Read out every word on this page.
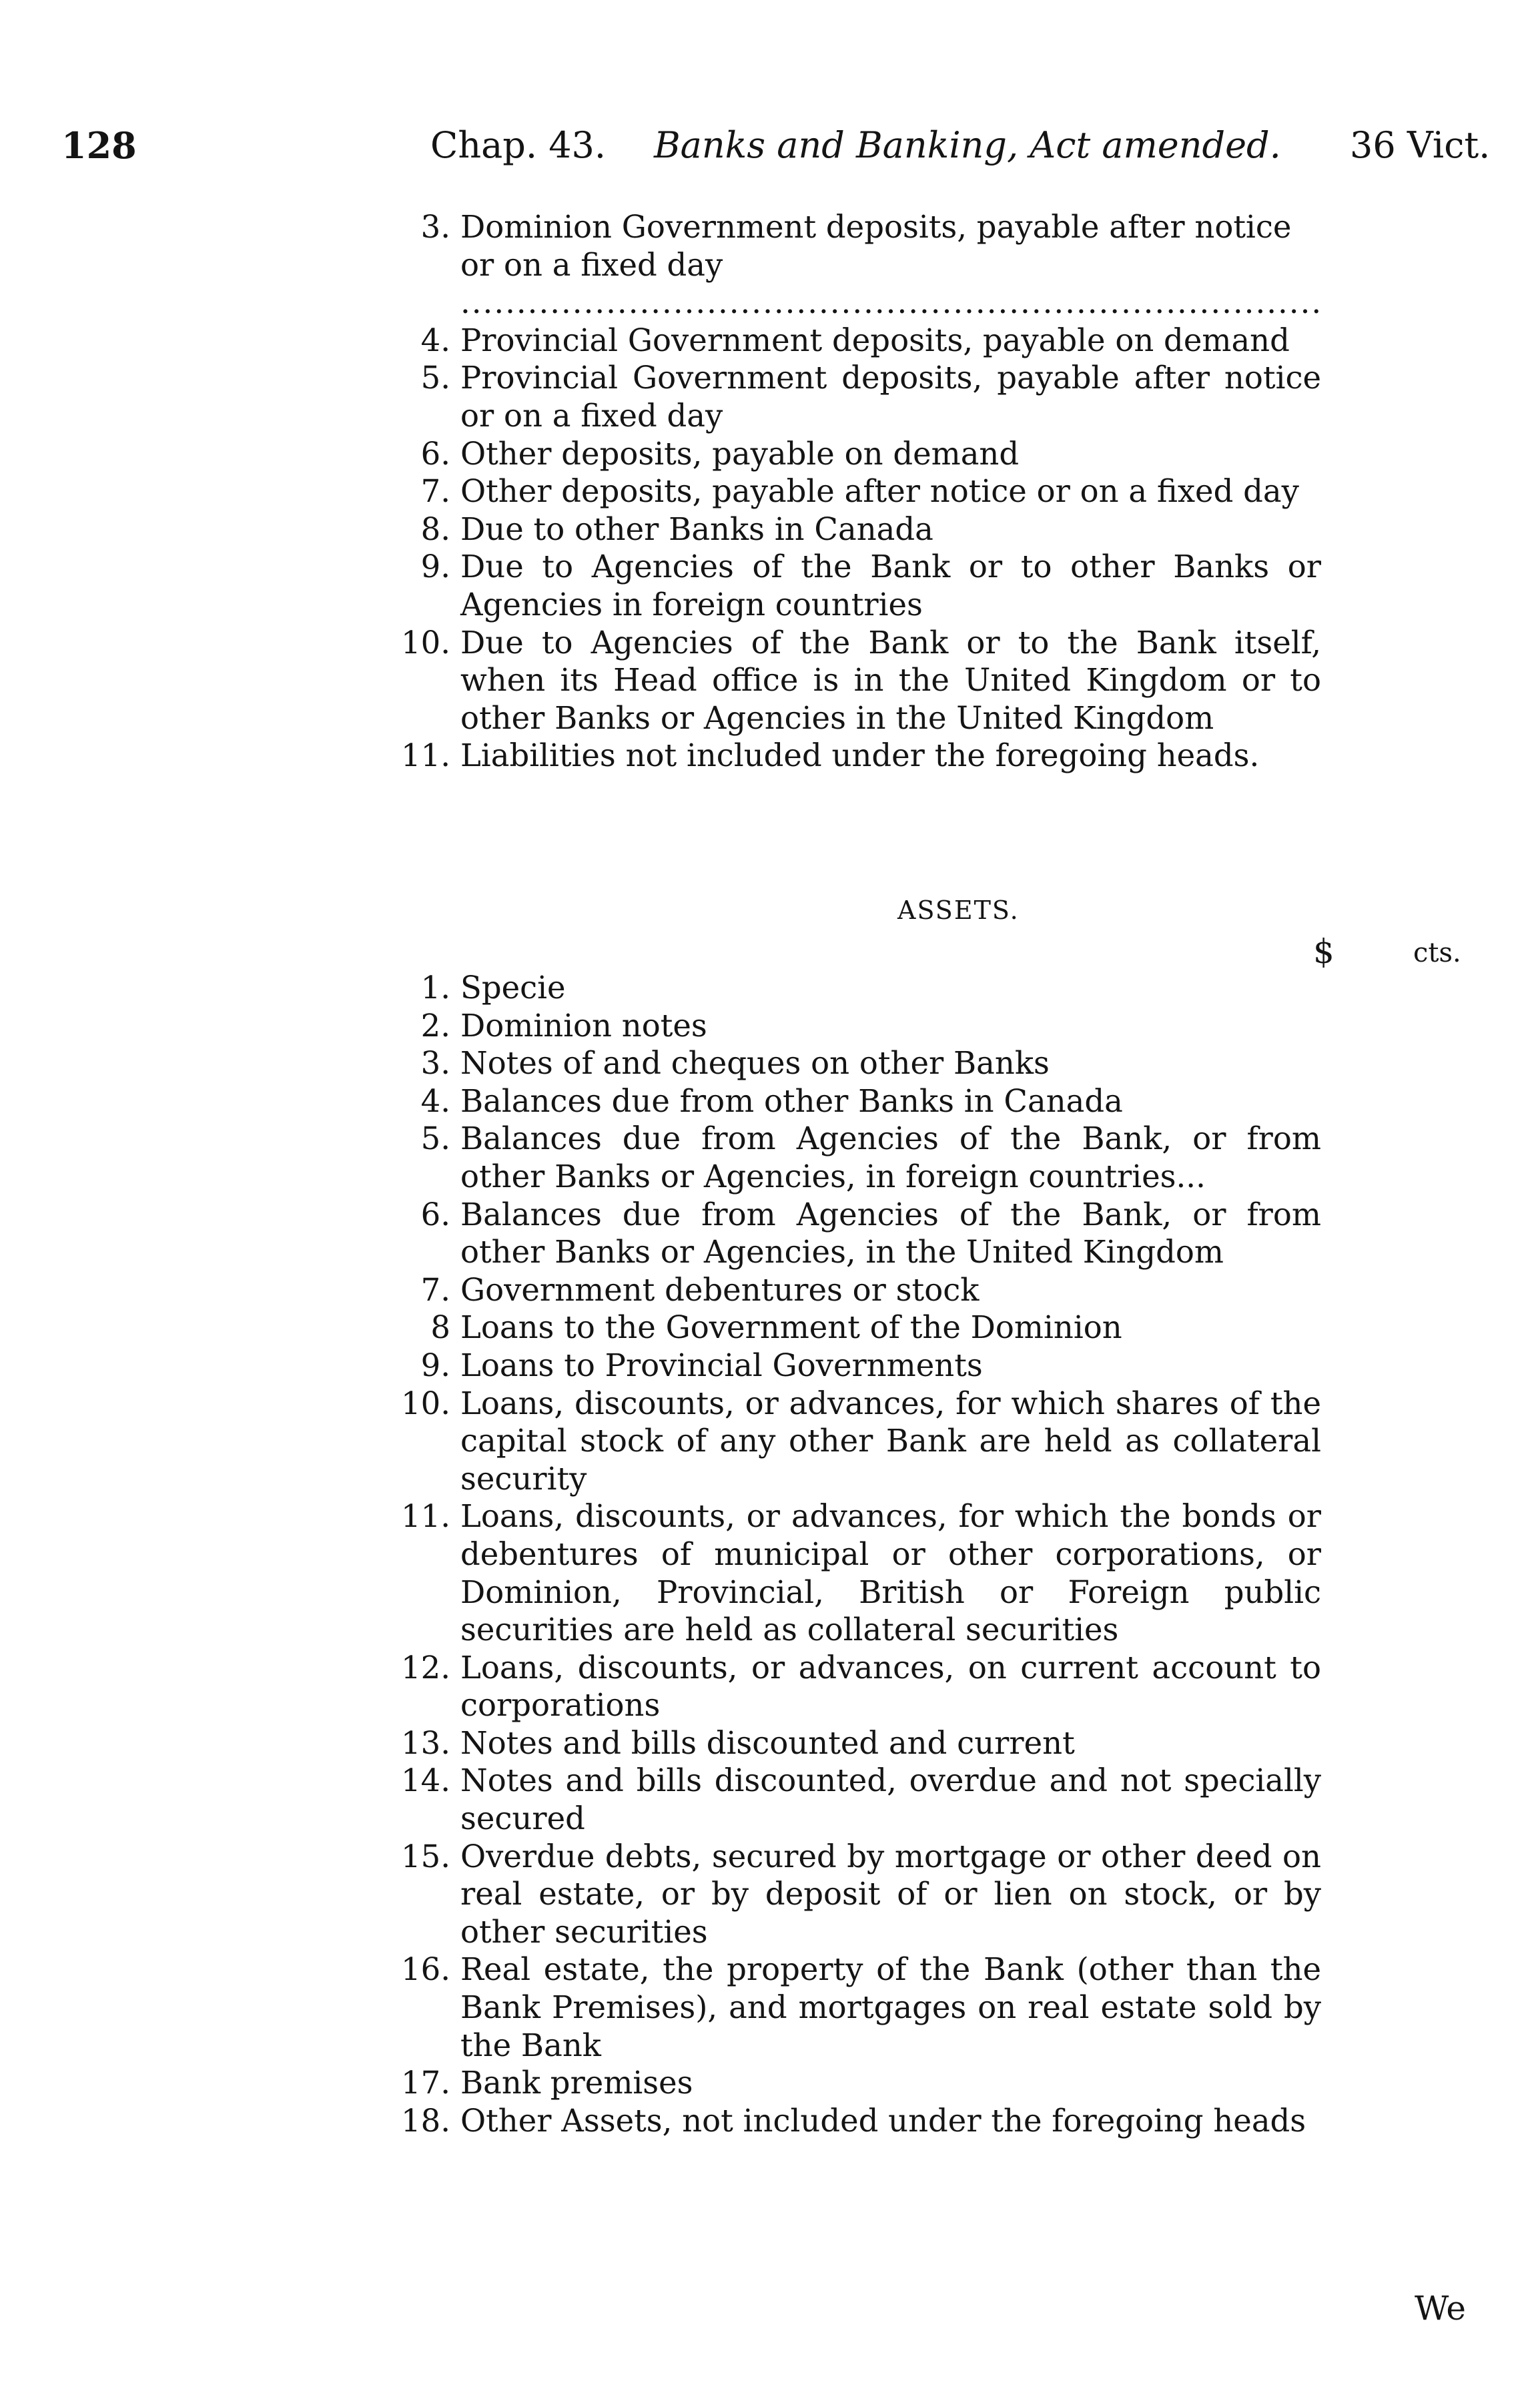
128	Chap. 43. Banks and Banking, Act amended. 36 Vict.
3. Dominion Government deposits, payable after notice or on a fixed day .....
4. Provincial Government deposits, payable on demand
5. Provincial Government deposits, payable after notice or on a fixed day
6. Other deposits, payable on demand
7. Other deposits, payable after notice or on a fixed day
8. Due to other Banks in Canada
9. Due to Agencies of the Bank or to other Banks or Agencies in foreign countries
10. Due to Agencies of the Bank or to the Bank itself, when its Head office is in the United Kingdom or to other Banks or Agencies in the United Kingdom
11. Liabilities not included under the foregoing heads.
ASSETS.
$	cts.
1. Specie
2. Dominion notes
3. Notes of and cheques on other Banks
4. Balances due from other Banks in Canada
5. Balances due from Agencies of the Bank, or from other Banks or Agencies, in foreign countries...
6. Balances due from Agencies of the Bank, or from other Banks or Agencies, in the United Kingdom
7. Government debentures or stock
8 Loans to the Government of the Dominion
9. Loans to Provincial Governments
10. Loans, discounts, or advances, for which shares of the capital stock of any other Bank are held as collateral security
11. Loans, discounts, or advances, for which the bonds or debentures of municipal or other corporations, or Dominion, Provincial, British or Foreign public securities are held as collateral securities
12. Loans, discounts, or advances, on current account to corporations
13. Notes and bills discounted and current
14. Notes and bills discounted, overdue and not specially secured
15. Overdue debts, secured by mortgage or other deed on real estate, or by deposit of or lien on stock, or by other securities
16. Real estate, the property of the Bank (other than the Bank Premises), and mortgages on real estate sold by the Bank
17. Bank premises
18. Other Assets, not included under the foregoing heads
We
